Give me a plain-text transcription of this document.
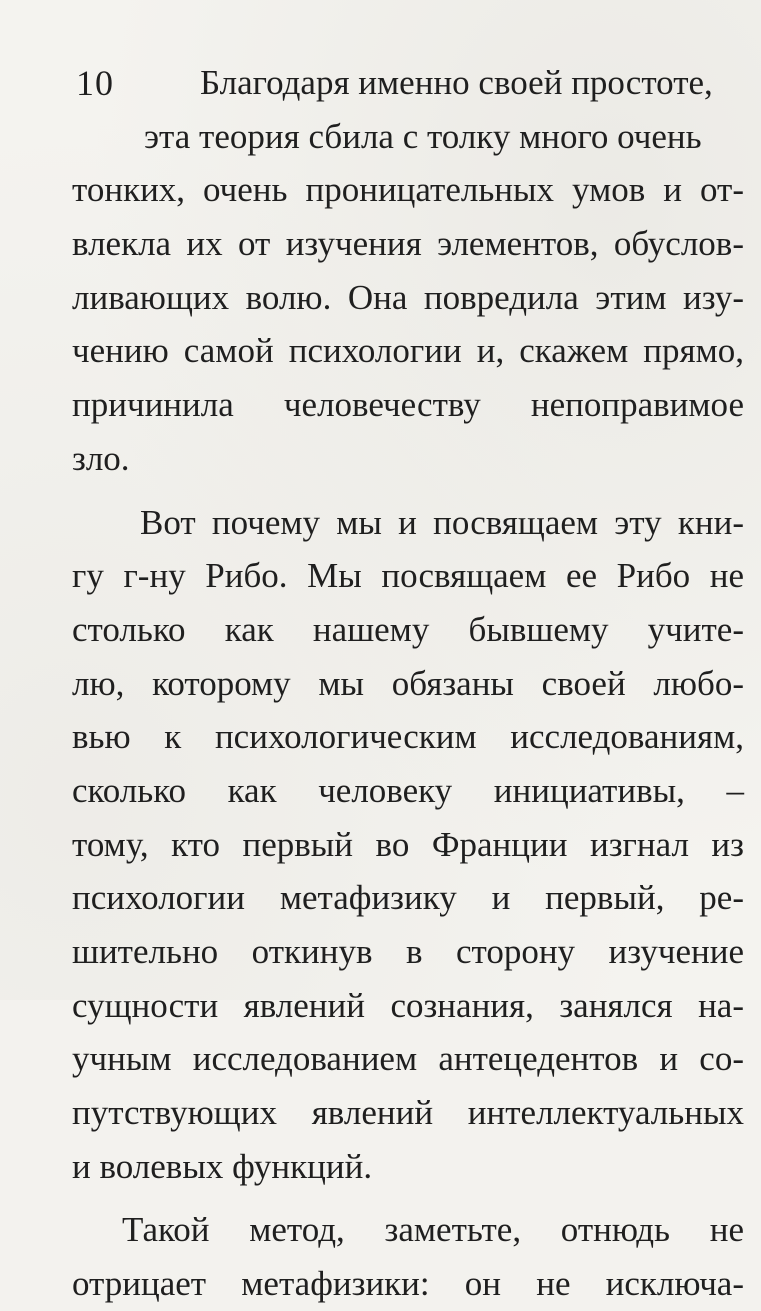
10	Благодаря именно своей простоте,
эта теория сбила с толку много очень
тонких, очень проницательных умов и от-
влекла их от изучения элементов, обуслов-
ливающих волю. Она повредила этим изу-
чению самой психологии и, скажем прямо,
причинила человечеству непоправимое
зло.
Вот почему мы и посвящаем эту кни-
гу г-ну Рибо. Мы посвящаем ее Рибо не
столько как нашему бывшему учите-
лю, которому мы обязаны своей любо-
вью к психологическим исследованиям,
сколько как человеку инициативы, –
тому, кто первый во Франции изгнал из
психологии метафизику и первый, ре-
шительно откинув в сторону изучение
сущности явлений сознания, занялся на-
учным исследованием антецедентов и со-
путствующих явлений интеллектуальных
и волевых функций.
Такой метод, заметьте, отнюдь не
отрицает метафизики: он не исключа-
